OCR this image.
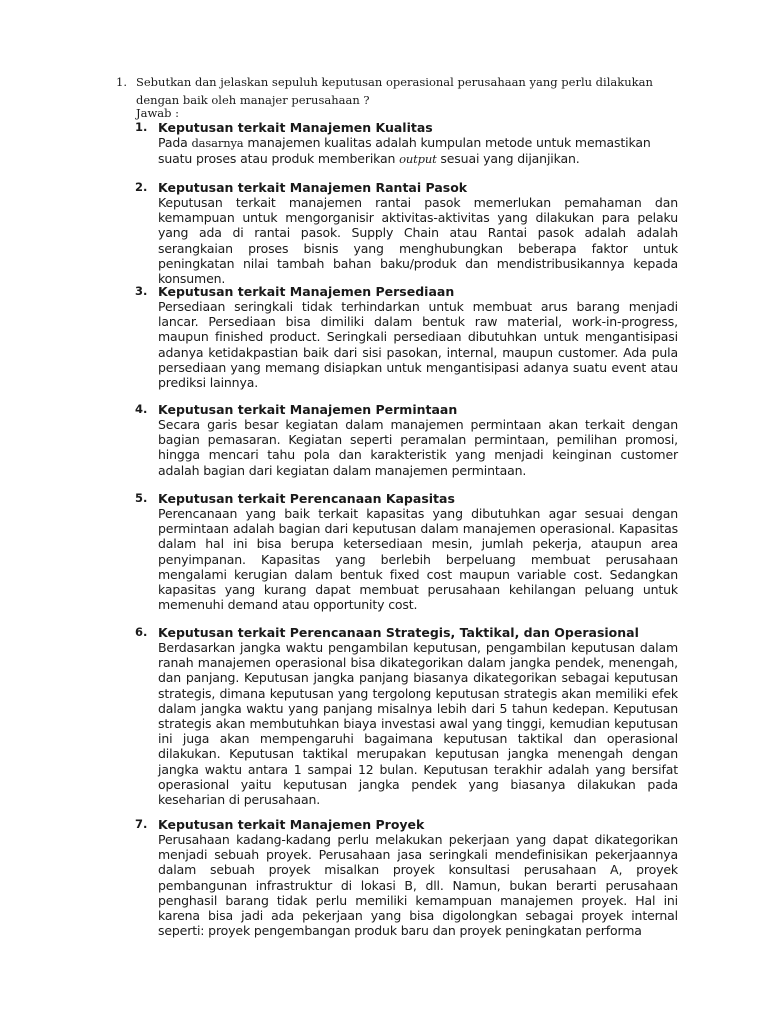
1. Sebutkan dan jelaskan sepuluh keputusan operasional perusahaan yang perlu dilakukan dengan baik oleh manajer perusahaan ?
Jawab :
1. Keputusan terkait Manajemen Kualitas
Pada dasarnya manajemen kualitas adalah kumpulan metode untuk memastikan suatu proses atau produk memberikan output sesuai yang dijanjikan.
2. Keputusan terkait Manajemen Rantai Pasok
Keputusan terkait manajemen rantai pasok memerlukan pemahaman dan kemampuan untuk mengorganisir aktivitas-aktivitas yang dilakukan para pelaku yang ada di rantai pasok. Supply Chain atau Rantai pasok adalah adalah serangkaian proses bisnis yang menghubungkan beberapa faktor untuk peningkatan nilai tambah bahan baku/produk dan mendistribusikannya kepada konsumen.
3. Keputusan terkait Manajemen Persediaan
Persediaan seringkali tidak terhindarkan untuk membuat arus barang menjadi lancar. Persediaan bisa dimiliki dalam bentuk raw material, work-in-progress, maupun finished product. Seringkali persediaan dibutuhkan untuk mengantisipasi adanya ketidakpastian baik dari sisi pasokan, internal, maupun customer. Ada pula persediaan yang memang disiapkan untuk mengantisipasi adanya suatu event atau prediksi lainnya.
4. Keputusan terkait Manajemen Permintaan
Secara garis besar kegiatan dalam manajemen permintaan akan terkait dengan bagian pemasaran. Kegiatan seperti peramalan permintaan, pemilihan promosi, hingga mencari tahu pola dan karakteristik yang menjadi keinginan customer adalah bagian dari kegiatan dalam manajemen permintaan.
5. Keputusan terkait Perencanaan Kapasitas
Perencanaan yang baik terkait kapasitas yang dibutuhkan agar sesuai dengan permintaan adalah bagian dari keputusan dalam manajemen operasional. Kapasitas dalam hal ini bisa berupa ketersediaan mesin, jumlah pekerja, ataupun area penyimpanan. Kapasitas yang berlebih berpeluang membuat perusahaan mengalami kerugian dalam bentuk fixed cost maupun variable cost. Sedangkan kapasitas yang kurang dapat membuat perusahaan kehilangan peluang untuk memenuhi demand atau opportunity cost.
6. Keputusan terkait Perencanaan Strategis, Taktikal, dan Operasional
Berdasarkan jangka waktu pengambilan keputusan, pengambilan keputusan dalam ranah manajemen operasional bisa dikategorikan dalam jangka pendek, menengah, dan panjang. Keputusan jangka panjang biasanya dikategorikan sebagai keputusan strategis, dimana keputusan yang tergolong keputusan strategis akan memiliki efek dalam jangka waktu yang panjang misalnya lebih dari 5 tahun kedepan. Keputusan strategis akan membutuhkan biaya investasi awal yang tinggi, kemudian keputusan ini juga akan mempengaruhi bagaimana keputusan taktikal dan operasional dilakukan. Keputusan taktikal merupakan keputusan jangka menengah dengan jangka waktu antara 1 sampai 12 bulan. Keputusan terakhir adalah yang bersifat operasional yaitu keputusan jangka pendek yang biasanya dilakukan pada keseharian di perusahaan.
7. Keputusan terkait Manajemen Proyek
Perusahaan kadang-kadang perlu melakukan pekerjaan yang dapat dikategorikan menjadi sebuah proyek. Perusahaan jasa seringkali mendefinisikan pekerjaannya dalam sebuah proyek misalkan proyek konsultasi perusahaan A, proyek pembangunan infrastruktur di lokasi B, dll. Namun, bukan berarti perusahaan penghasil barang tidak perlu memiliki kemampuan manajemen proyek. Hal ini karena bisa jadi ada pekerjaan yang bisa digolongkan sebagai proyek internal seperti: proyek pengembangan produk baru dan proyek peningkatan performa
